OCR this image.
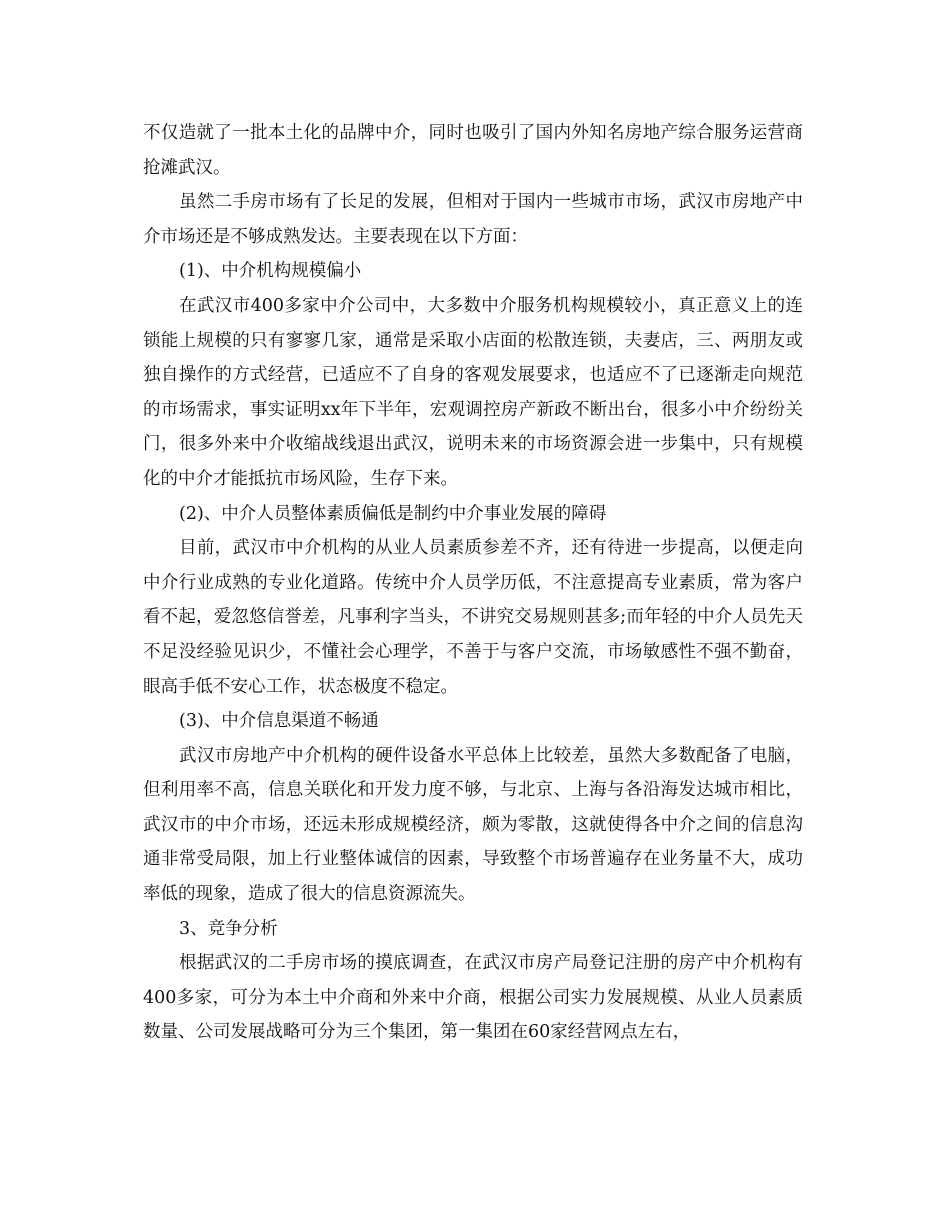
不仅造就了一批本土化的品牌中介，同时也吸引了国内外知名房地产综合服务运营商抢滩武汉。

虽然二手房市场有了长足的发展，但相对于国内一些城市市场，武汉市房地产中介市场还是不够成熟发达。主要表现在以下方面：

(1)、中介机构规模偏小

在武汉市400多家中介公司中，大多数中介服务机构规模较小，真正意义上的连锁能上规模的只有寥寥几家，通常是采取小店面的松散连锁，夫妻店，三、两朋友或独自操作的方式经营，已适应不了自身的客观发展要求，也适应不了已逐渐走向规范的市场需求，事实证明xx年下半年，宏观调控房产新政不断出台，很多小中介纷纷关门，很多外来中介收缩战线退出武汉，说明未来的市场资源会进一步集中，只有规模化的中介才能抵抗市场风险，生存下来。

(2)、中介人员整体素质偏低是制约中介事业发展的障碍

目前，武汉市中介机构的从业人员素质参差不齐，还有待进一步提高，以便走向中介行业成熟的专业化道路。传统中介人员学历低，不注意提高专业素质，常为客户看不起，爱忽悠信誉差，凡事利字当头，不讲究交易规则甚多;而年轻的中介人员先天不足没经验见识少，不懂社会心理学，不善于与客户交流，市场敏感性不强不勤奋，眼高手低不安心工作，状态极度不稳定。

(3)、中介信息渠道不畅通

武汉市房地产中介机构的硬件设备水平总体上比较差，虽然大多数配备了电脑，但利用率不高，信息关联化和开发力度不够，与北京、上海与各沿海发达城市相比，武汉市的中介市场，还远未形成规模经济，颇为零散，这就使得各中介之间的信息沟通非常受局限，加上行业整体诚信的因素，导致整个市场普遍存在业务量不大，成功率低的现象，造成了很大的信息资源流失。

3、竞争分析

根据武汉的二手房市场的摸底调查，在武汉市房产局登记注册的房产中介机构有400多家，可分为本土中介商和外来中介商，根据公司实力发展规模、从业人员素质数量、公司发展战略可分为三个集团，第一集团在60家经营网点左右，
